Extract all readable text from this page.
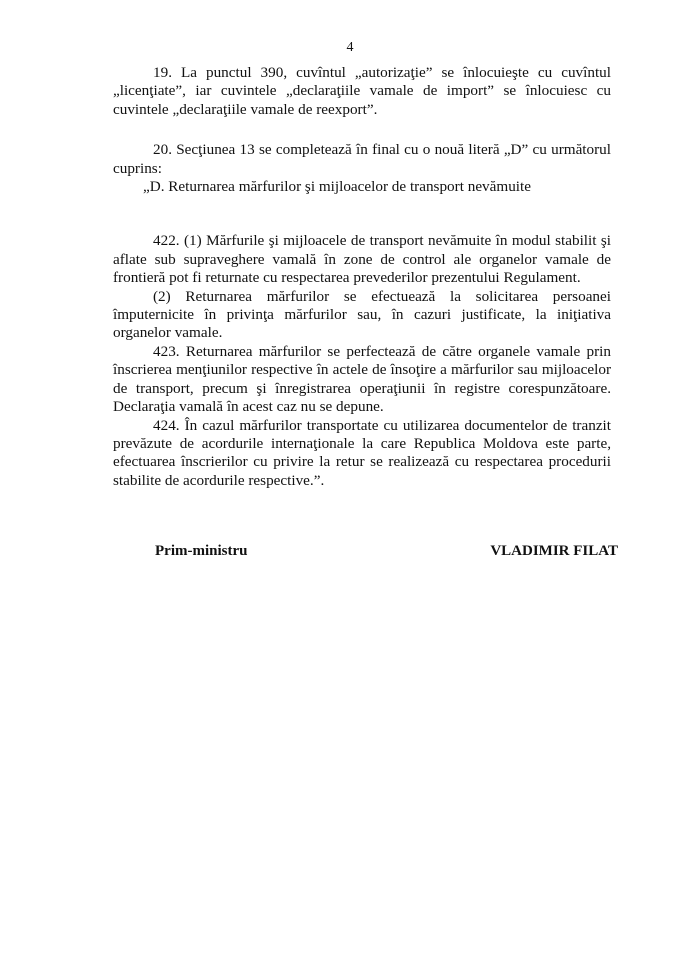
4

19. La punctul 390, cuvîntul „autorizaţie” se înlocuieşte cu cuvîntul „licenţiate”, iar cuvintele „declaraţiile vamale de import” se înlocuiesc cu cuvintele „declaraţiile vamale de reexport”.

20. Secţiunea 13 se completează în final cu o nouă literă „D” cu următorul cuprins:

„D. Returnarea mărfurilor şi mijloacelor de transport nevămuite

422. (1) Mărfurile şi mijloacele de transport nevămuite în modul stabilit şi aflate sub supraveghere vamală în zone de control ale organelor vamale de frontieră pot fi returnate cu respectarea prevederilor prezentului Regulament.

(2) Returnarea mărfurilor se efectuează la solicitarea persoanei împuternicite în privinţa mărfurilor sau, în cazuri justificate, la iniţiativa organelor vamale.

423. Returnarea mărfurilor se perfectează de către organele vamale prin înscrierea menţiunilor respective în actele de însoţire a mărfurilor sau mijloacelor de transport, precum şi înregistrarea operaţiunii în registre corespunzătoare. Declaraţia vamală în acest caz nu se depune.

424. În cazul mărfurilor transportate cu utilizarea documentelor de tranzit prevăzute de acordurile internaţionale la care Republica Moldova este parte, efectuarea înscrierilor cu privire la retur se realizează cu respectarea procedurii stabilite de acordurile respective.”.

Prim-ministru	VLADIMIR FILAT
